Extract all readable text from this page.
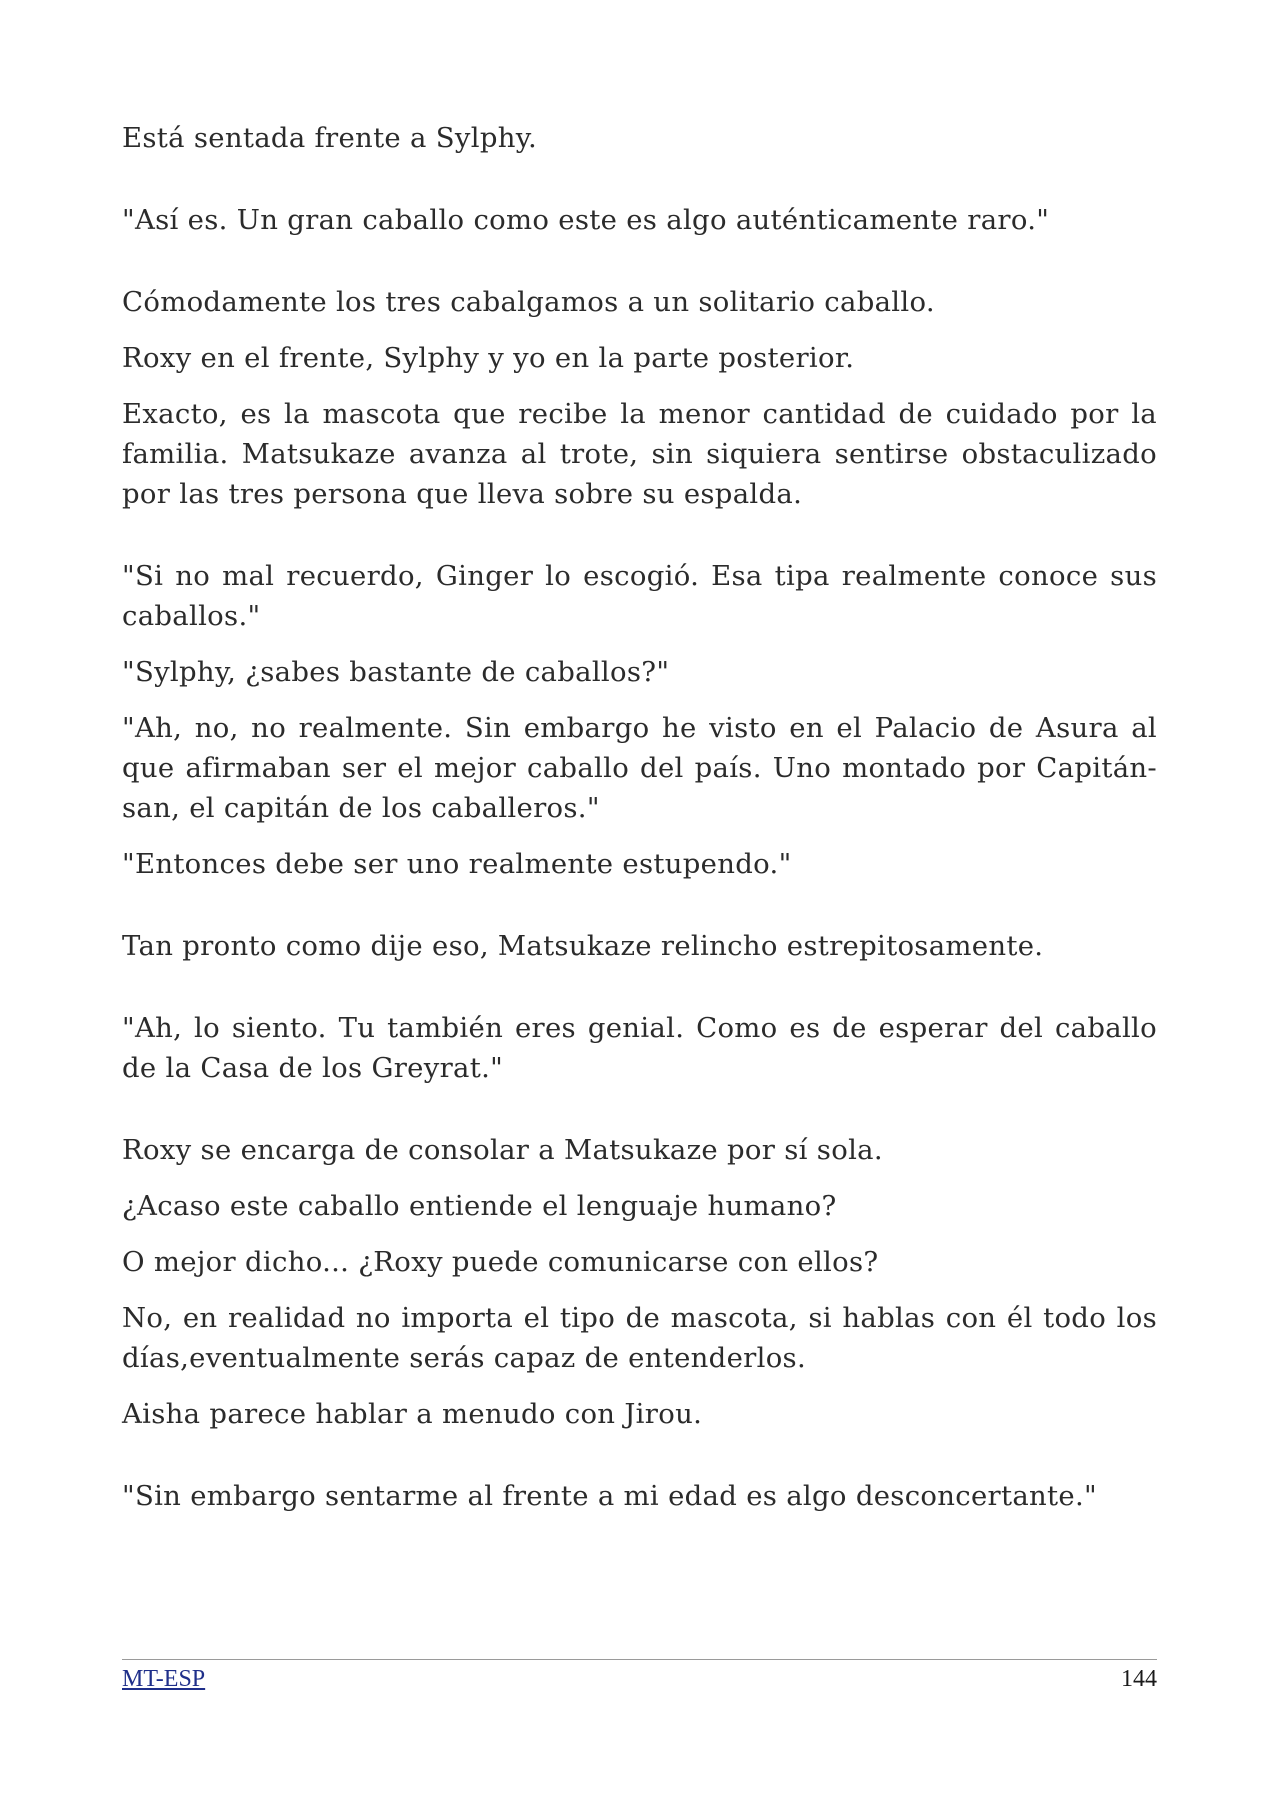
Está sentada frente a Sylphy.

"Así es. Un gran caballo como este es algo auténticamente raro."

Cómodamente los tres cabalgamos a un solitario caballo.

Roxy en el frente, Sylphy y yo en la parte posterior.

Exacto, es la mascota que recibe la menor cantidad de cuidado por la familia. Matsukaze avanza al trote, sin siquiera sentirse obstaculizado por las tres persona que lleva sobre su espalda.

"Si no mal recuerdo, Ginger lo escogió. Esa tipa realmente conoce sus caballos."

"Sylphy, ¿sabes bastante de caballos?"

"Ah, no, no realmente. Sin embargo he visto en el Palacio de Asura al que afirmaban ser el mejor caballo del país. Uno montado por Capitán-san, el capitán de los caballeros."

"Entonces debe ser uno realmente estupendo."

Tan pronto como dije eso, Matsukaze relincho estrepitosamente.

"Ah, lo siento. Tu también eres genial. Como es de esperar del caballo de la Casa de los Greyrat."

Roxy se encarga de consolar a Matsukaze por sí sola.

¿Acaso este caballo entiende el lenguaje humano?

O mejor dicho... ¿Roxy puede comunicarse con ellos?

No, en realidad no importa el tipo de mascota, si hablas con él todo los días,eventualmente serás capaz de entenderlos.

Aisha parece hablar a menudo con Jirou.

"Sin embargo sentarme al frente a mi edad es algo desconcertante."

MT-ESP	144
